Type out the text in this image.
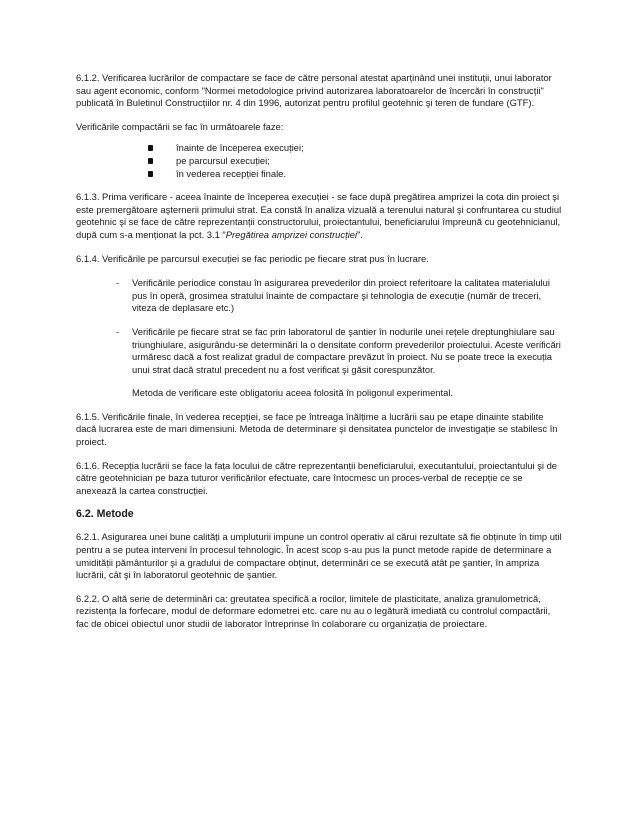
6.1.2. Verificarea lucrărilor de compactare se face de către personal atestat aparținând unei instituții, unui laborator sau agent economic, conform "Normei metodologice privind autorizarea laboratoarelor de încercări în construcții" publicată în Buletinul Construcțiilor nr. 4 din 1996, autorizat pentru profilul geotehnic şi teren de fundare (GTF).

Verificările compactării se fac în următoarele faze:

înainte de începerea execuției;
pe parcursul execuției;
în vederea recepției finale.

6.1.3. Prima verificare - aceea înainte de începerea execuției - se face după pregătirea amprizei la cota din proiect şi este premergătoare aşternerii primului strat. Ea constă în analiza vizuală a terenului natural şi confruntarea cu studiul geotehnic şi se face de către reprezentanții constructorului, proiectantului, beneficiarului împreună cu geotehnicianul, după cum s-a menționat la pct. 3.1 "Pregătirea amprizei construcției".

6.1.4. Verificările pe parcursul execuției se fac periodic pe fiecare strat pus în lucrare.

- Verificările periodice constau în asigurarea prevederilor din proiect referitoare la calitatea materialului pus în operă, grosimea stratului înainte de compactare şi tehnologia de execuție (număr de treceri, viteza de deplasare etc.)
- Verificările pe fiecare strat se fac prin laboratorul de şantier în nodurile unei rețele dreptunghiulare sau triunghiulare, asigurându-se determinări la o densitate conform prevederilor proiectului. Aceste verificări urmăresc dacă a fost realizat gradul de compactare prevăzut în proiect. Nu se poate trece la execuția unui strat dacă stratul precedent nu a fost verificat şi găsit corespunzător.

Metoda de verificare este obligatoriu aceea folosită în poligonul experimental.

6.1.5. Verificările finale, în vederea recepției, se face pe întreaga înălțime a lucrării sau pe etape dinainte stabilite dacă lucrarea este de mari dimensiuni. Metoda de determinare şi densitatea punctelor de investigație se stabilesc în proiect.

6.1.6. Recepția lucrării se face la fața locului de către reprezentanții beneficiarului, executantului, proiectantului şi de către geotehnician pe baza tuturor verificărilor efectuate, care întocmesc un proces-verbal de recepție ce se anexează la cartea construcției.

6.2. Metode

6.2.1. Asigurarea unei bune calități a umpluturii impune un control operativ al cărui rezultate să fie obținute în timp util pentru a se putea interveni în procesul tehnologic. În acest scop s-au pus la punct metode rapide de determinare a umidității pământurilor şi a gradului de compactare obținut, determinări ce se execută atât pe şantier, în ampriza lucrării, cât şi în laboratorul geotehnic de şantier.

6.2.2. O altă serie de determinări ca: greutatea specifică a rocilor, limitele de plasticitate, analiza granulometrică, rezistența la forfecare, modul de deformare edometrei etc. care nu au o legătură imediată cu controlul compactării, fac de obicei obiectul unor studii de laborator întreprinse în colaborare cu organizația de proiectare.
